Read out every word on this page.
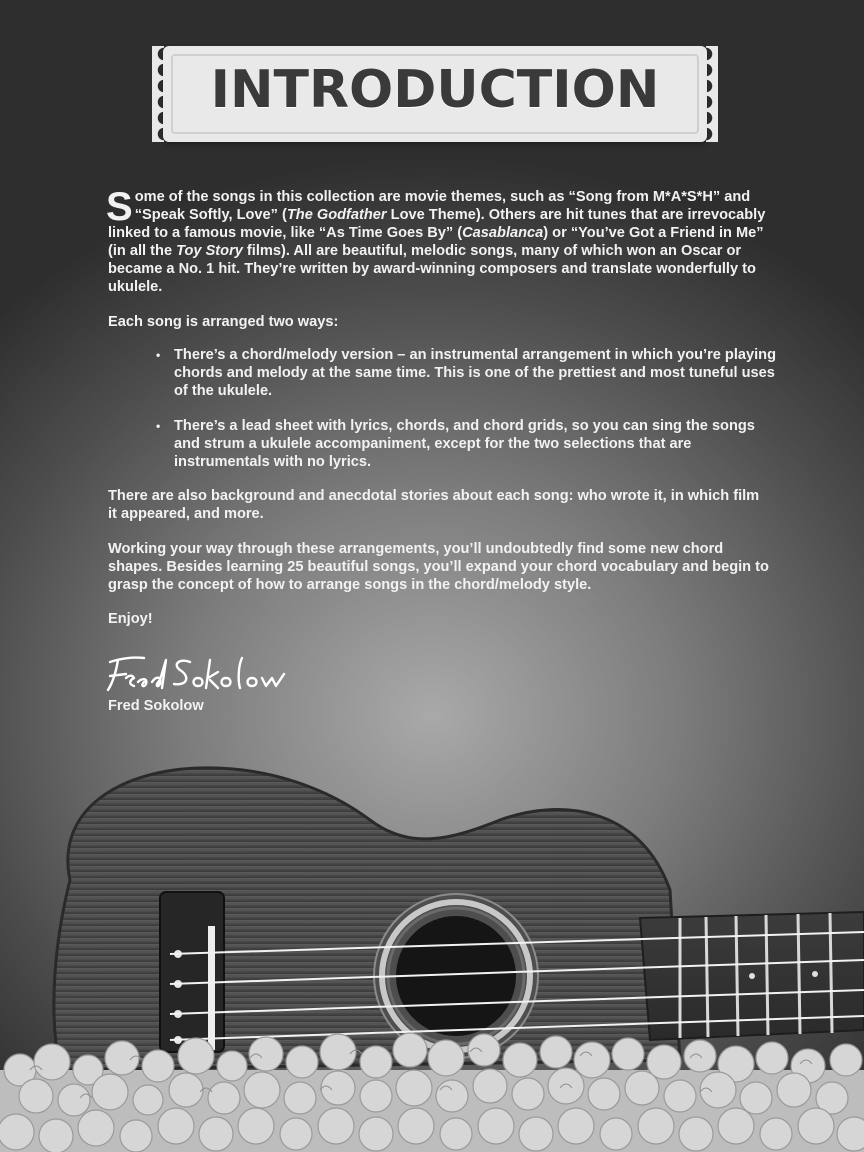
INTRODUCTION
Some of the songs in this collection are movie themes, such as “Song from M*A*S*H” and “Speak Softly, Love” (The Godfather Love Theme). Others are hit tunes that are irrevocably linked to a famous movie, like “As Time Goes By” (Casablanca) or “You’ve Got a Friend in Me” (in all the Toy Story films). All are beautiful, melodic songs, many of which won an Oscar or became a No. 1 hit. They’re written by award-winning composers and translate wonderfully to ukulele.
Each song is arranged two ways:
• There’s a chord/melody version – an instrumental arrangement in which you’re playing chords and melody at the same time. This is one of the prettiest and most tuneful uses of the ukulele.
• There’s a lead sheet with lyrics, chords, and chord grids, so you can sing the songs and strum a ukulele accompaniment, except for the two selections that are instrumentals with no lyrics.
There are also background and anecdotal stories about each song: who wrote it, in which film it appeared, and more.
Working your way through these arrangements, you’ll undoubtedly find some new chord shapes. Besides learning 25 beautiful songs, you’ll expand your chord vocabulary and begin to grasp the concept of how to arrange songs in the chord/melody style.
Enjoy!
Fred Sokolow
